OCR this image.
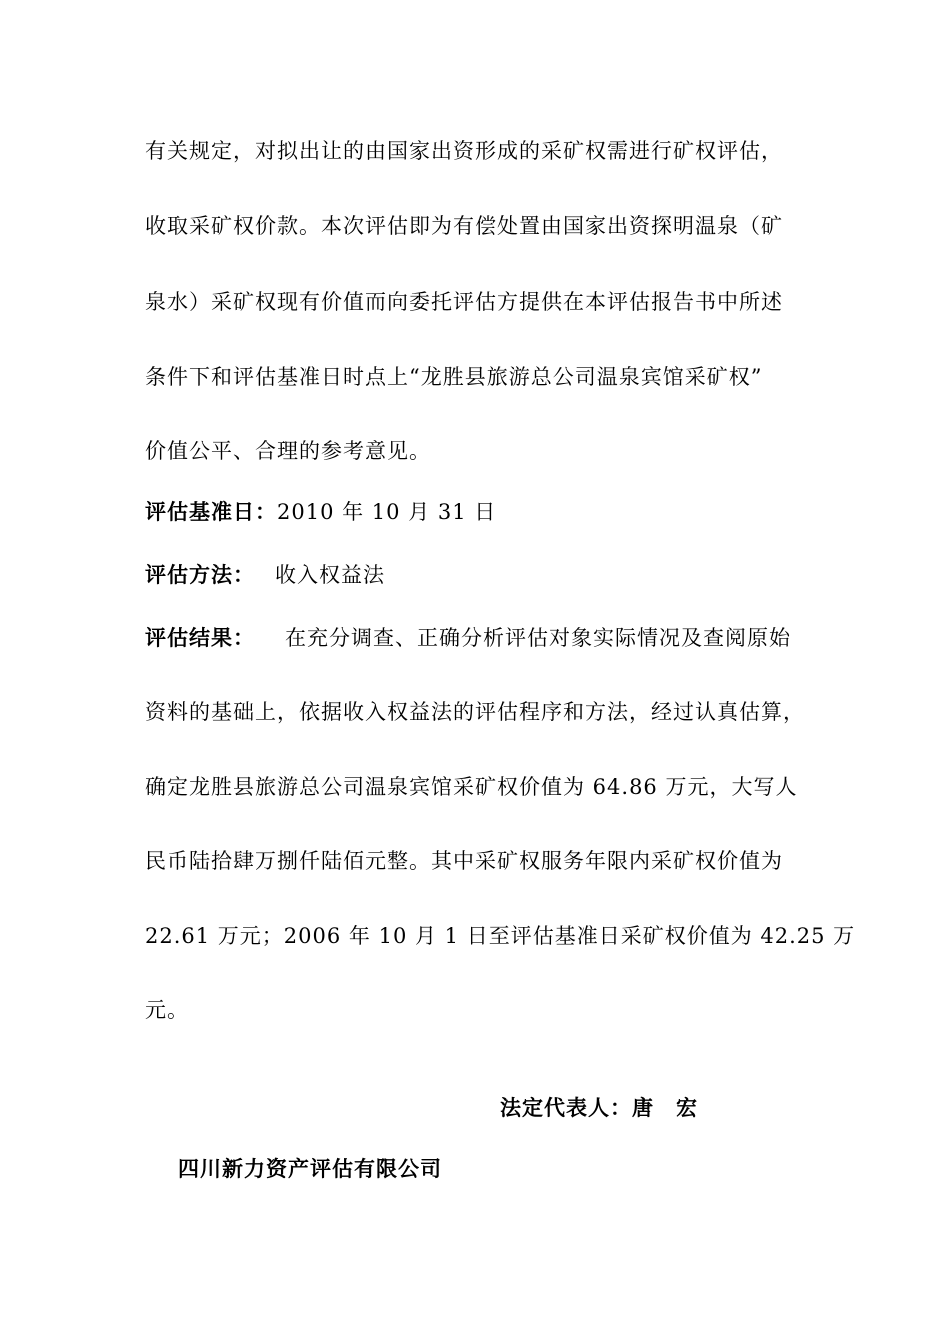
有关规定，对拟出让的由国家出资形成的采矿权需进行矿权评估，
收取采矿权价款。本次评估即为有偿处置由国家出资探明温泉（矿
泉水）采矿权现有价值而向委托评估方提供在本评估报告书中所述
条件下和评估基准日时点上“龙胜县旅游总公司温泉宾馆采矿权”
价值公平、合理的参考意见。
评估基准日：2010 年 10 月 31 日
评估方法： 收入权益法
评估结果： 在充分调查、正确分析评估对象实际情况及查阅原始
资料的基础上，依据收入权益法的评估程序和方法，经过认真估算，
确定龙胜县旅游总公司温泉宾馆采矿权价值为 64.86 万元，大写人
民币陆拾肆万捌仟陆佰元整。其中采矿权服务年限内采矿权价值为
22.61 万元；2006 年 10 月 1 日至评估基准日采矿权价值为 42.25 万
元。
法定代表人：唐　宏
四川新力资产评估有限公司
